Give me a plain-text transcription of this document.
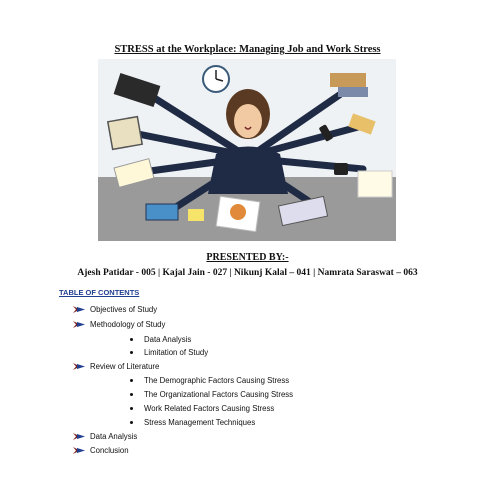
STRESS at the Workplace: Managing Job and Work Stress
PRESENTED BY:-
Ajesh Patidar - 005 | Kajal Jain - 027 | Nikunj Kalal – 041 | Namrata Saraswat – 063
TABLE OF CONTENTS
Objectives of Study
Methodology of Study
Data Analysis
Limitation of Study
Review of Literature
The Demographic Factors Causing Stress
The Organizational Factors Causing Stress
Work Related Factors Causing Stress
Stress Management Techniques
Data Analysis
Conclusion
